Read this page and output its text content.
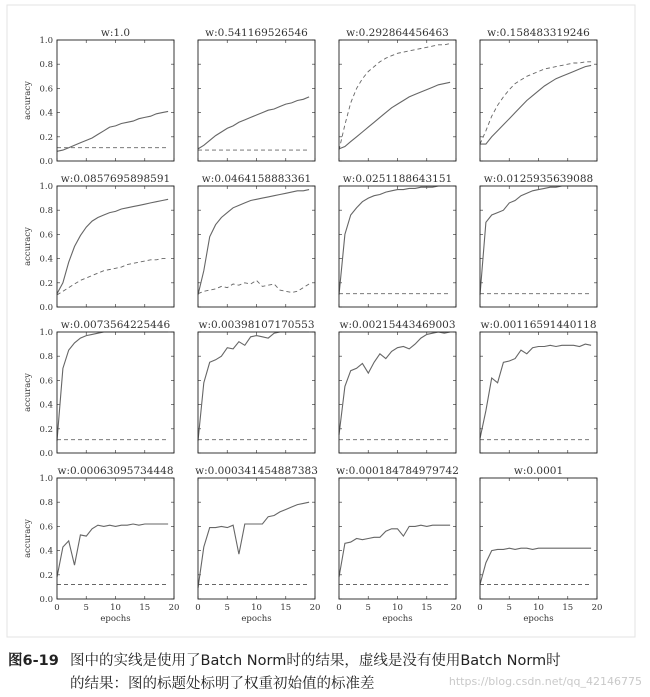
w:1.0
0.0
0.2
0.4
0.6
0.8
1.0
accuracy
w:0.541169526546	w:0.292864456463	w:0.158483319246
w:0.0857695898591
0.0
0.2
0.4
0.6
0.8
1.0
accuracy
w:0.0464158883361	w:0.0251188643151	w:0.0125935639088
w:0.0073564225446
0.0
0.2
0.4
0.6
0.8
1.0
accuracy
w:0.00398107170553 w:0.00215443469003 w:0.00116591440118
w:0.00063095734448
0.0
0.2
0.4
0.6
0.8
1.0
0	5 10 15 20
accuracy
epochs
w:0.000341454887383
0	5 10 15 20
epochs
w:0.000184784979742
0	5 10 15 20
epochs
w:0.0001
0	5 10 15 20
epochs
图6-19 图中的实线是使用了Batch Norm时的结果，虚线是没有使用Batch Norm时
的结果：图的标题处标明了权重初始值的标准差	https://blog.csdn.net/qq_42146775
